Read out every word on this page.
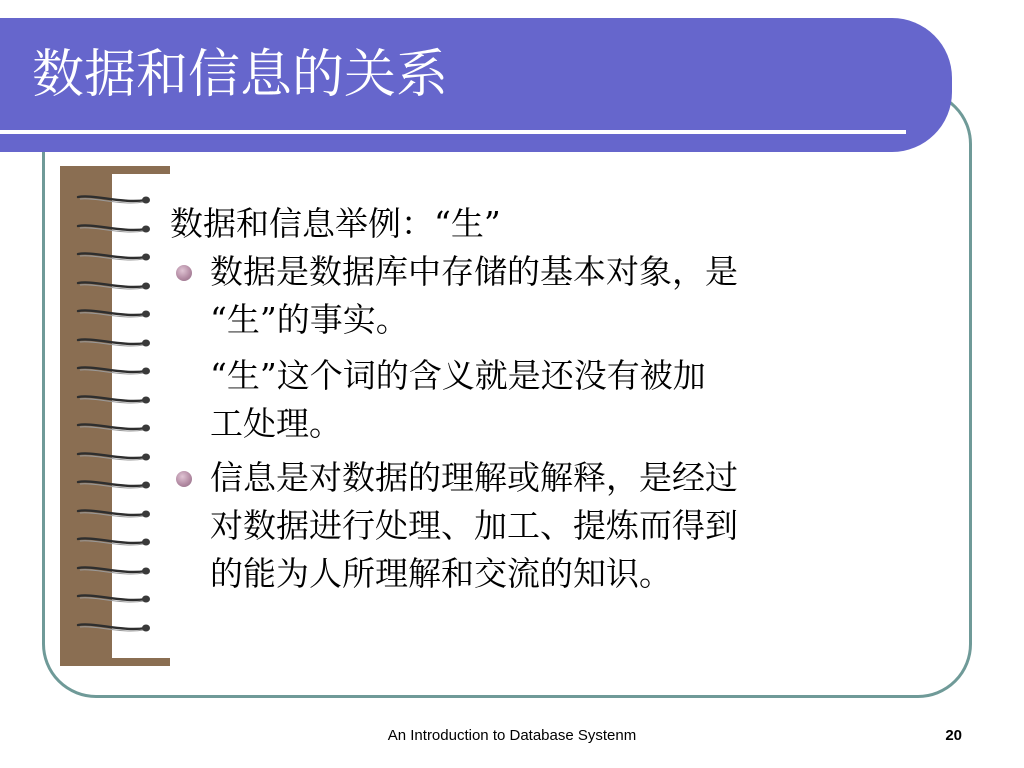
数据和信息的关系
数据和信息举例：“生”
数据是数据库中存储的基本对象，是
“生”的事实。
“生”这个词的含义就是还没有被加
工处理。
信息是对数据的理解或解释，是经过
对数据进行处理、加工、提炼而得到
的能为人所理解和交流的知识。
An Introduction to Database Systenm	20
